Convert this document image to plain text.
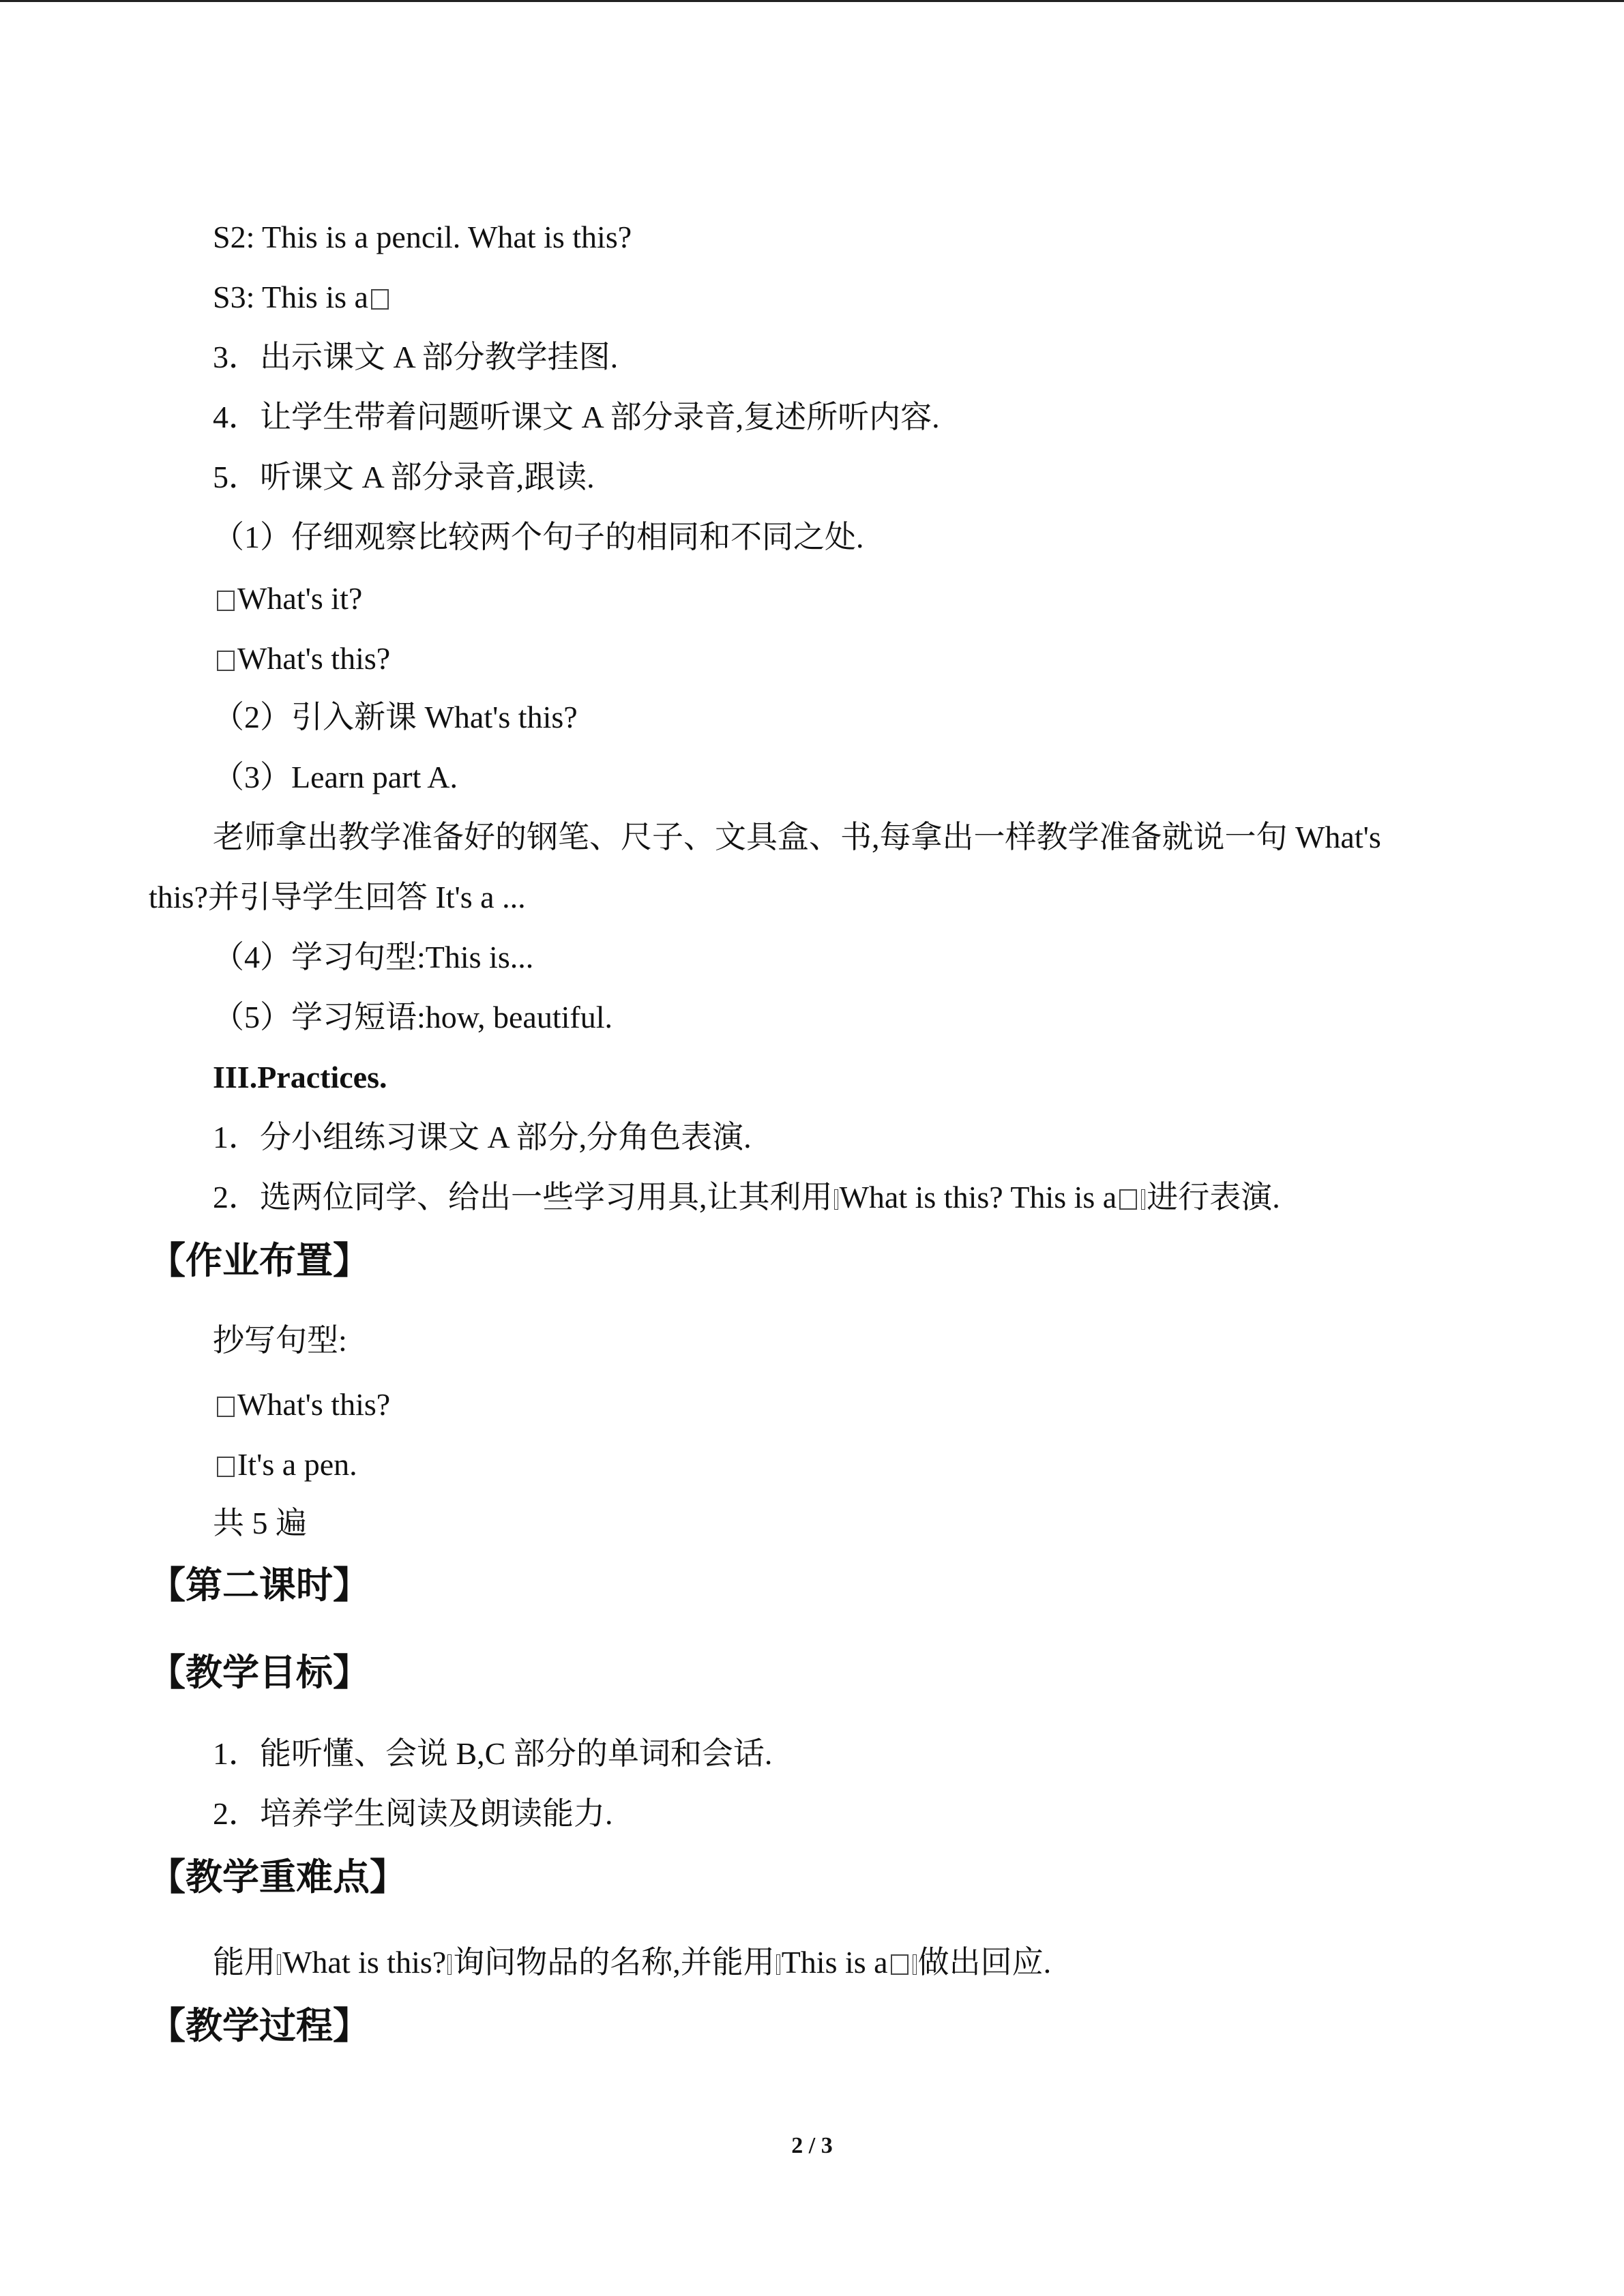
S2: This is a pencil. What is this?
S3: This is a
3．出示课文 A 部分教学挂图.
4．让学生带着问题听课文 A 部分录音,复述所听内容.
5．听课文 A 部分录音,跟读.
（1）仔细观察比较两个句子的相同和不同之处.
What's it?
What's this?
（2）引入新课 What's this?
（3）Learn part A.
老师拿出教学准备好的钢笔、尺子、文具盒、书,每拿出一样教学准备就说一句 What's
this?并引导学生回答 It's a ...
（4）学习句型:This is...
（5）学习短语:how, beautiful.
III.Practices.
1．分小组练习课文 A 部分,分角色表演.
2．选两位同学、给出一些学习用具,让其利用 What is this? This is a 进行表演.
【作业布置】
抄写句型:
What's this?
It's a pen.
共 5 遍
【第二课时】
【教学目标】
1．能听懂、会说 B,C 部分的单词和会话.
2．培养学生阅读及朗读能力.
【教学重难点】
能用 What is this? 询问物品的名称,并能用 This is a 做出回应.
【教学过程】
2 / 3
